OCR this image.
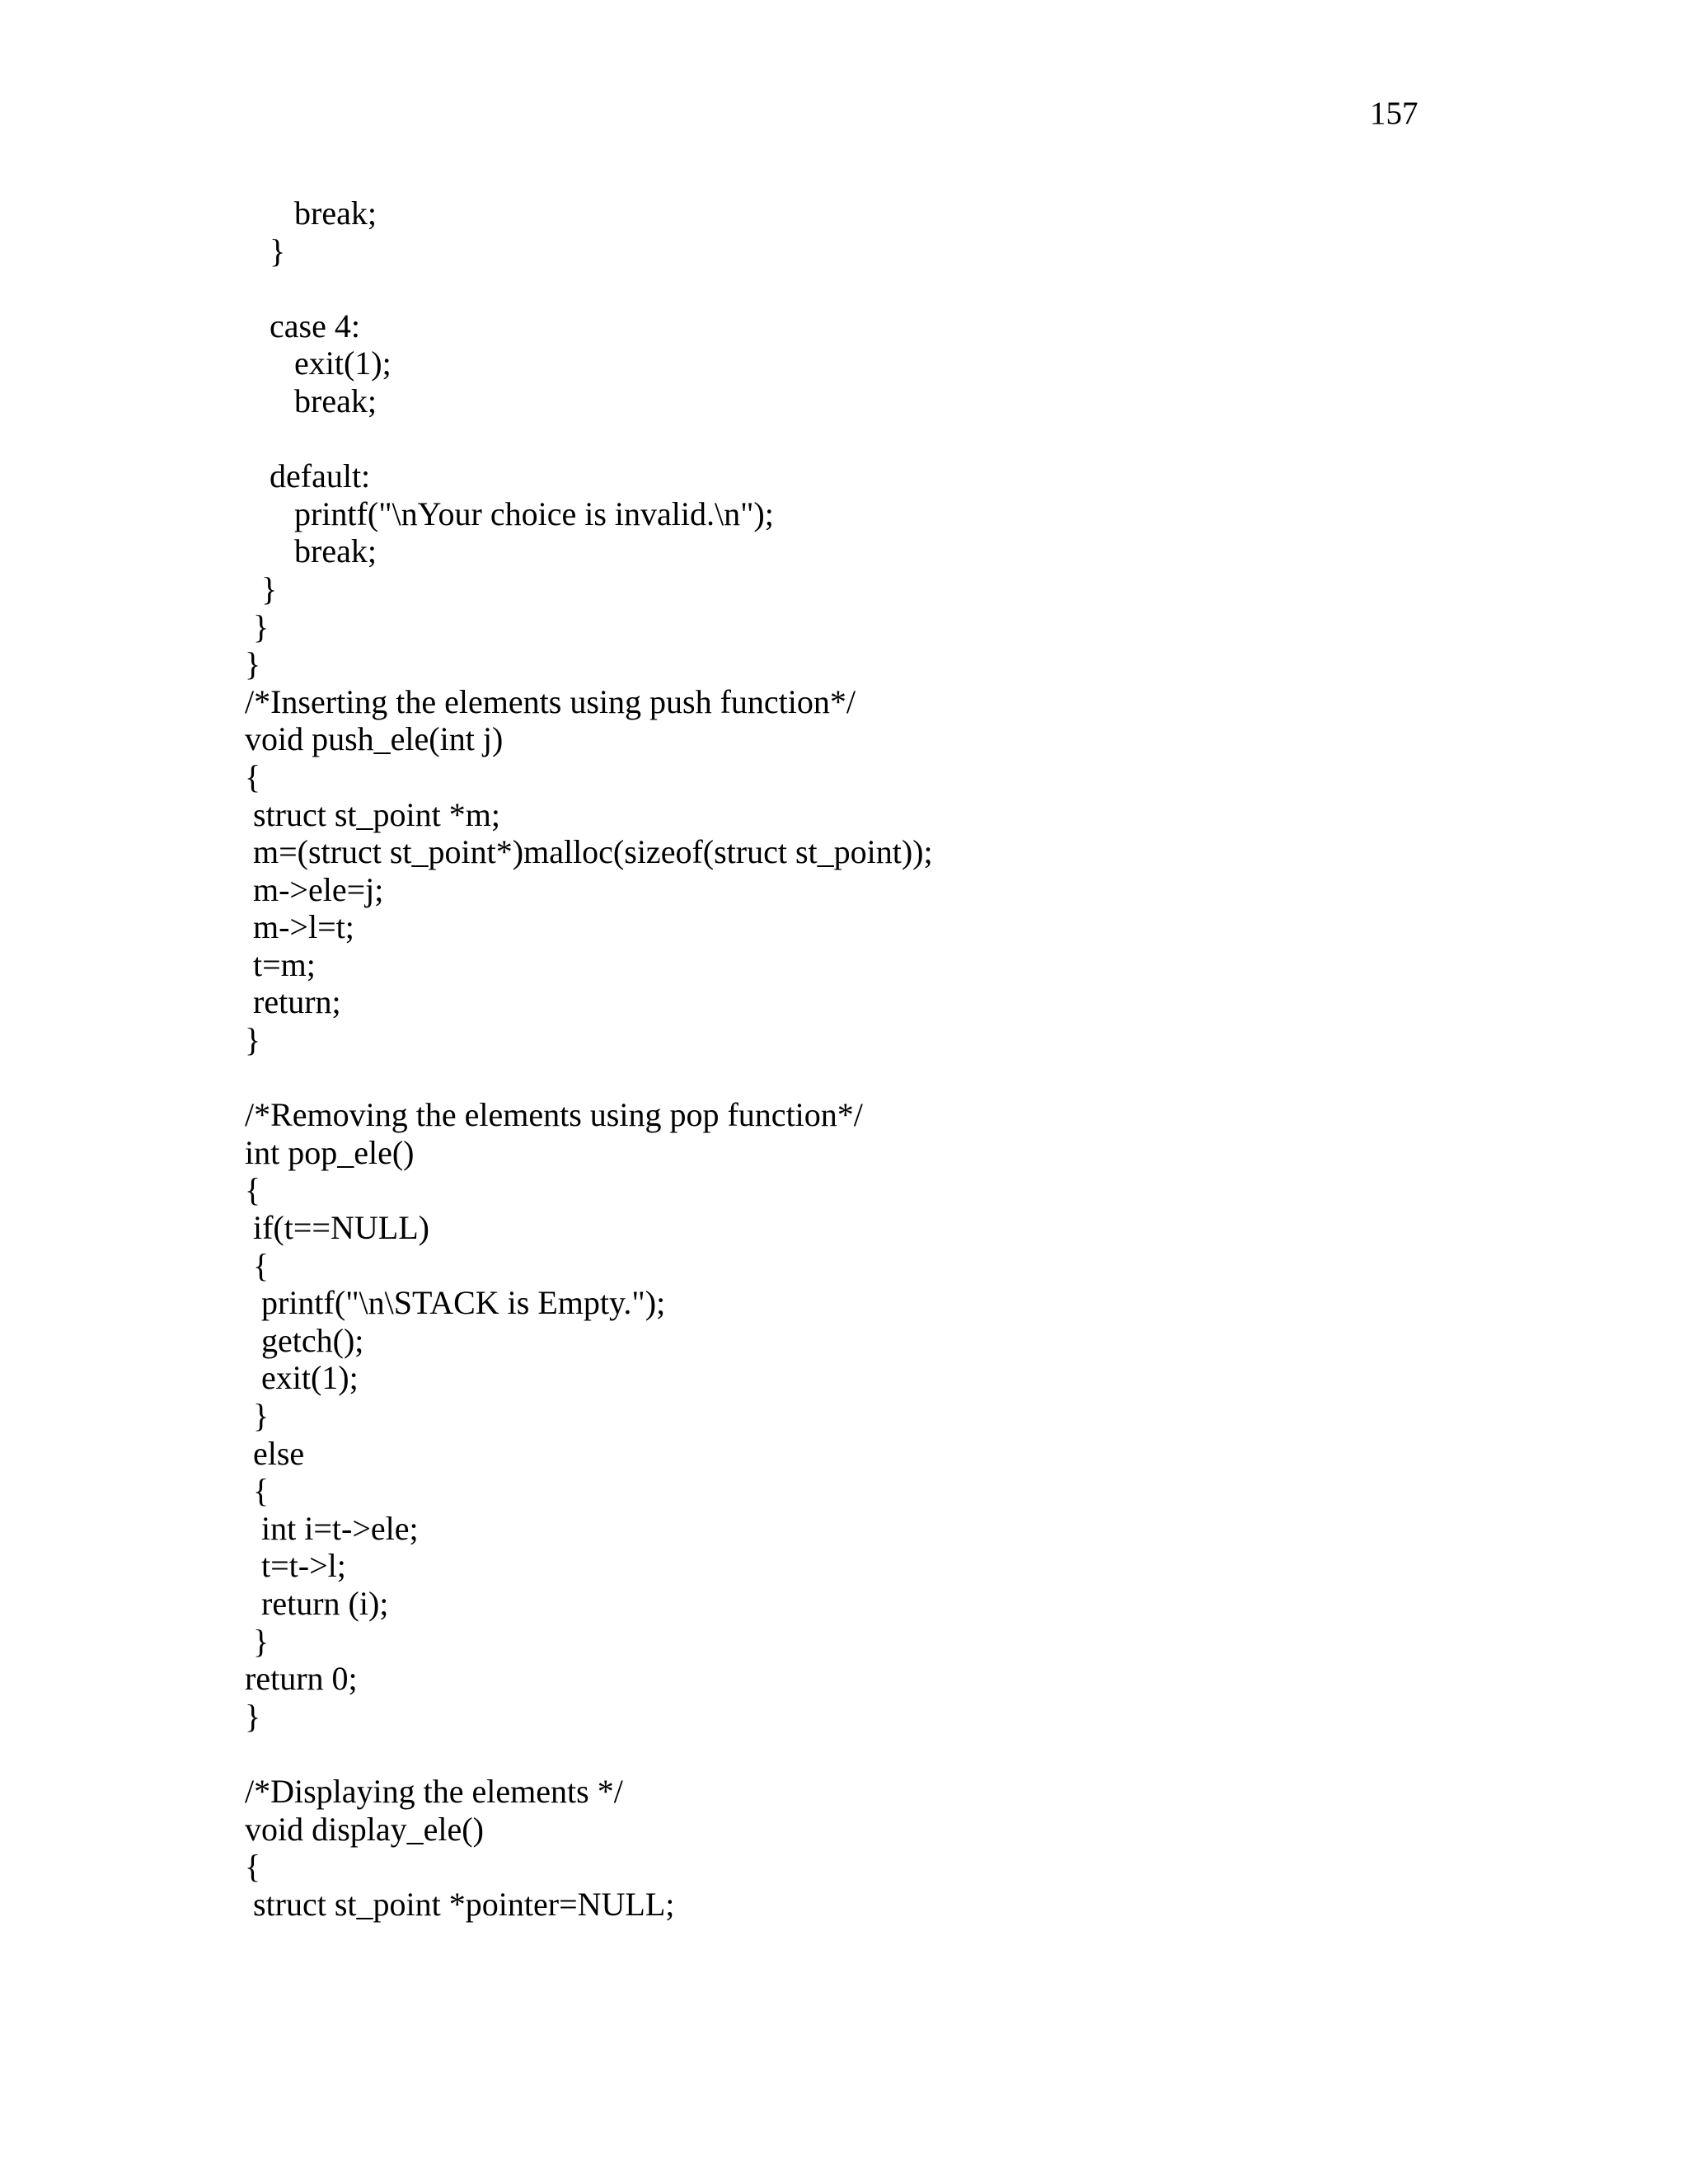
157
break;
}
case 4:
exit(1);
break;
default:
printf("\nYour choice is invalid.\n");
break;
}
}
}
/*Inserting the elements using push function*/
void push_ele(int j)
{
struct st_point *m;
m=(struct st_point*)malloc(sizeof(struct st_point));
m->ele=j;
m->l=t;
t=m;
return;
}
/*Removing the elements using pop function*/
int pop_ele()
{
if(t==NULL)
{
printf("\n\STACK is Empty.");
getch();
exit(1);
}
else
{
int i=t->ele;
t=t->l;
return (i);
}
return 0;
}
/*Displaying the elements */
void display_ele()
{
struct st_point *pointer=NULL;
